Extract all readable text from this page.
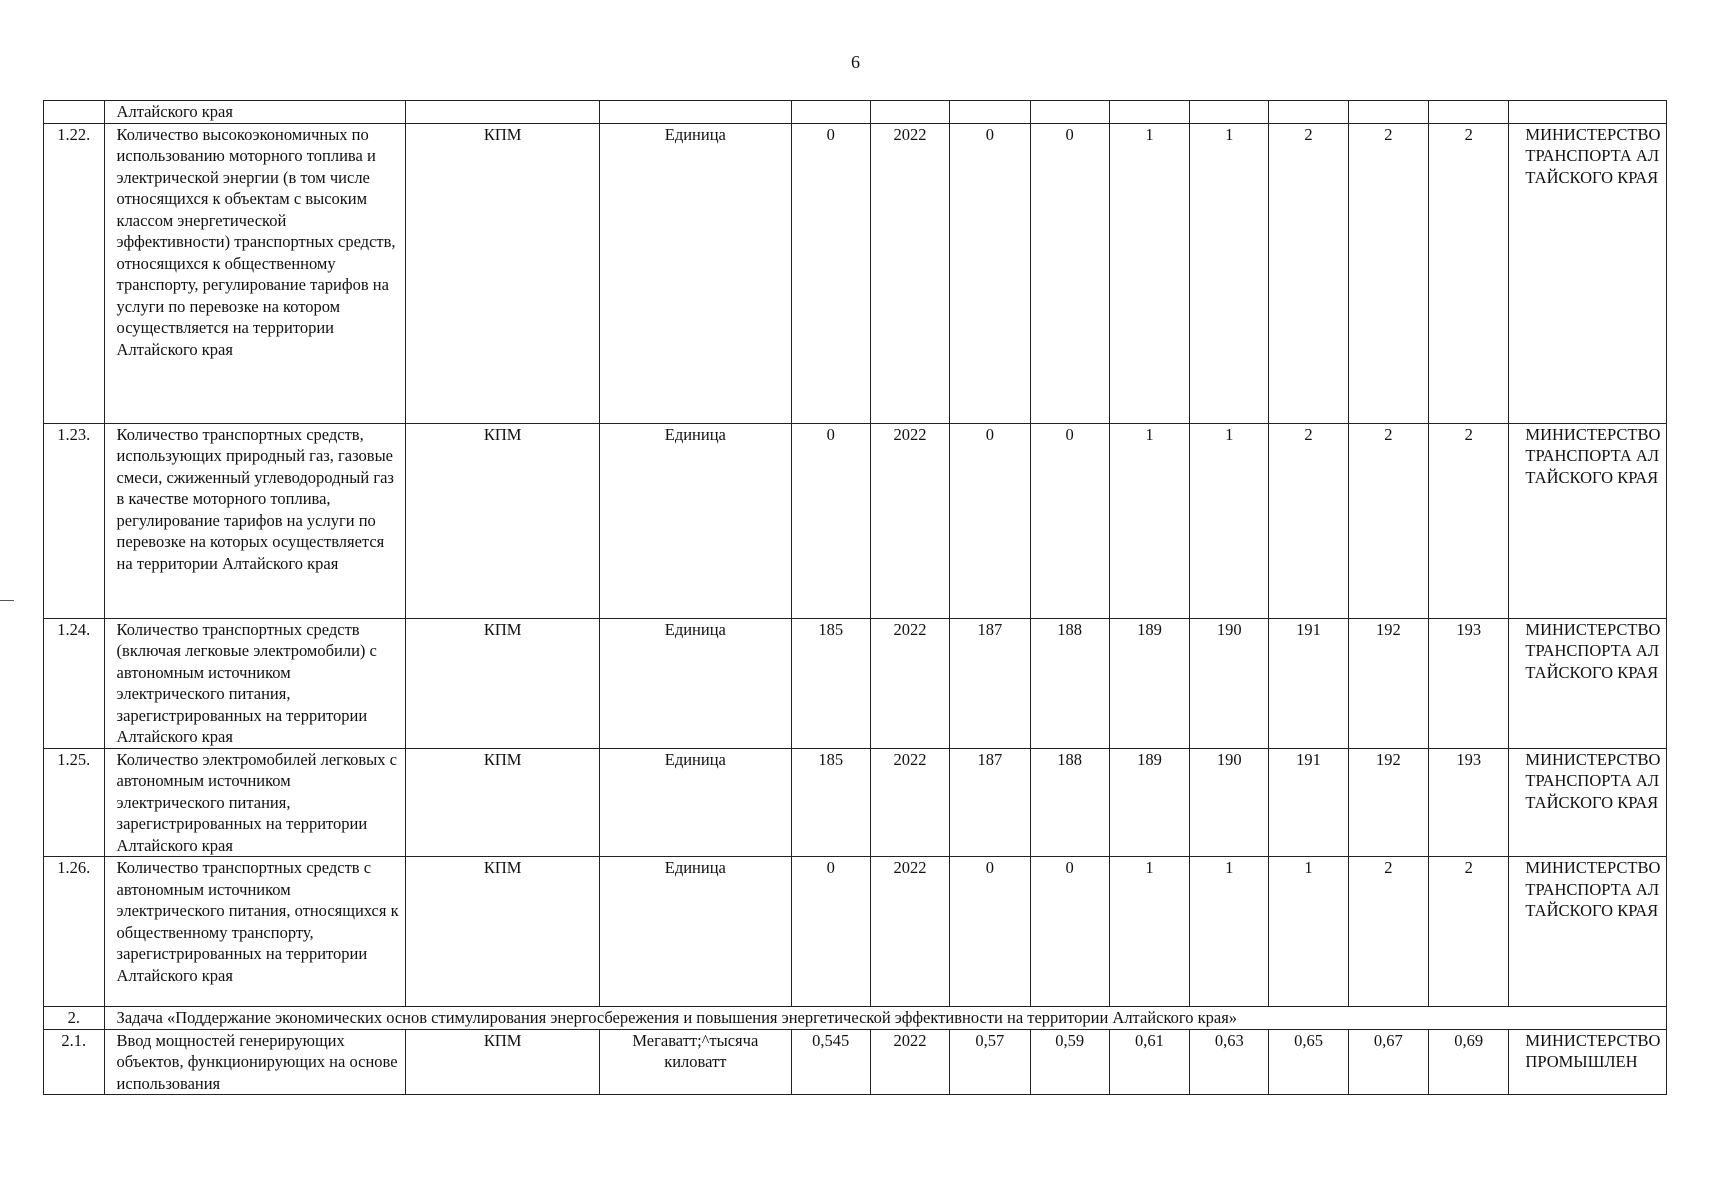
6
	Алтайского края												
1.22.	Количество высокоэкономичных по использованию моторного топлива и электрической энергии (в том числе относящихся к объектам с высоким классом энергетической эффективности) транспортных средств, относящихся к общественному транспорту, регулирование тарифов на услуги по перевозке на котором осуществляется на территории Алтайского края	КПМ	Единица	0	2022	0	0	1	1	2	2	2	МИНИСТЕРСТВО ТРАНСПОРТА АЛТАЙСКОГО КРАЯ
1.23.	Количество транспортных средств, использующих природный газ, газовые смеси, сжиженный углеводородный газ в качестве моторного топлива, регулирование тарифов на услуги по перевозке на которых осуществляется на территории Алтайского края	КПМ	Единица	0	2022	0	0	1	1	2	2	2	МИНИСТЕРСТВО ТРАНСПОРТА АЛТАЙСКОГО КРАЯ
1.24.	Количество транспортных средств (включая легковые электромобили) с автономным источником электрического питания, зарегистрированных на территории Алтайского края	КПМ	Единица	185	2022	187	188	189	190	191	192	193	МИНИСТЕРСТВО ТРАНСПОРТА АЛТАЙСКОГО КРАЯ
1.25.	Количество электромобилей легковых с автономным источником электрического питания, зарегистрированных на территории Алтайского края	КПМ	Единица	185	2022	187	188	189	190	191	192	193	МИНИСТЕРСТВО ТРАНСПОРТА АЛТАЙСКОГО КРАЯ
1.26.	Количество транспортных средств с автономным источником электрического питания, относящихся к общественному транспорту, зарегистрированных на территории Алтайского края	КПМ	Единица	0	2022	0	0	1	1	1	2	2	МИНИСТЕРСТВО ТРАНСПОРТА АЛТАЙСКОГО КРАЯ
2.	Задача «Поддержание экономических основ стимулирования энергосбережения и повышения энергетической эффективности на территории Алтайского края»												
2.1.	Ввод мощностей генерирующих объектов, функционирующих на основе использования	КПМ	Мегаватт;^тысяча киловатт	0,545	2022	0,57	0,59	0,61	0,63	0,65	0,67	0,69	МИНИСТЕРСТВО ПРОМЫШЛЕН
